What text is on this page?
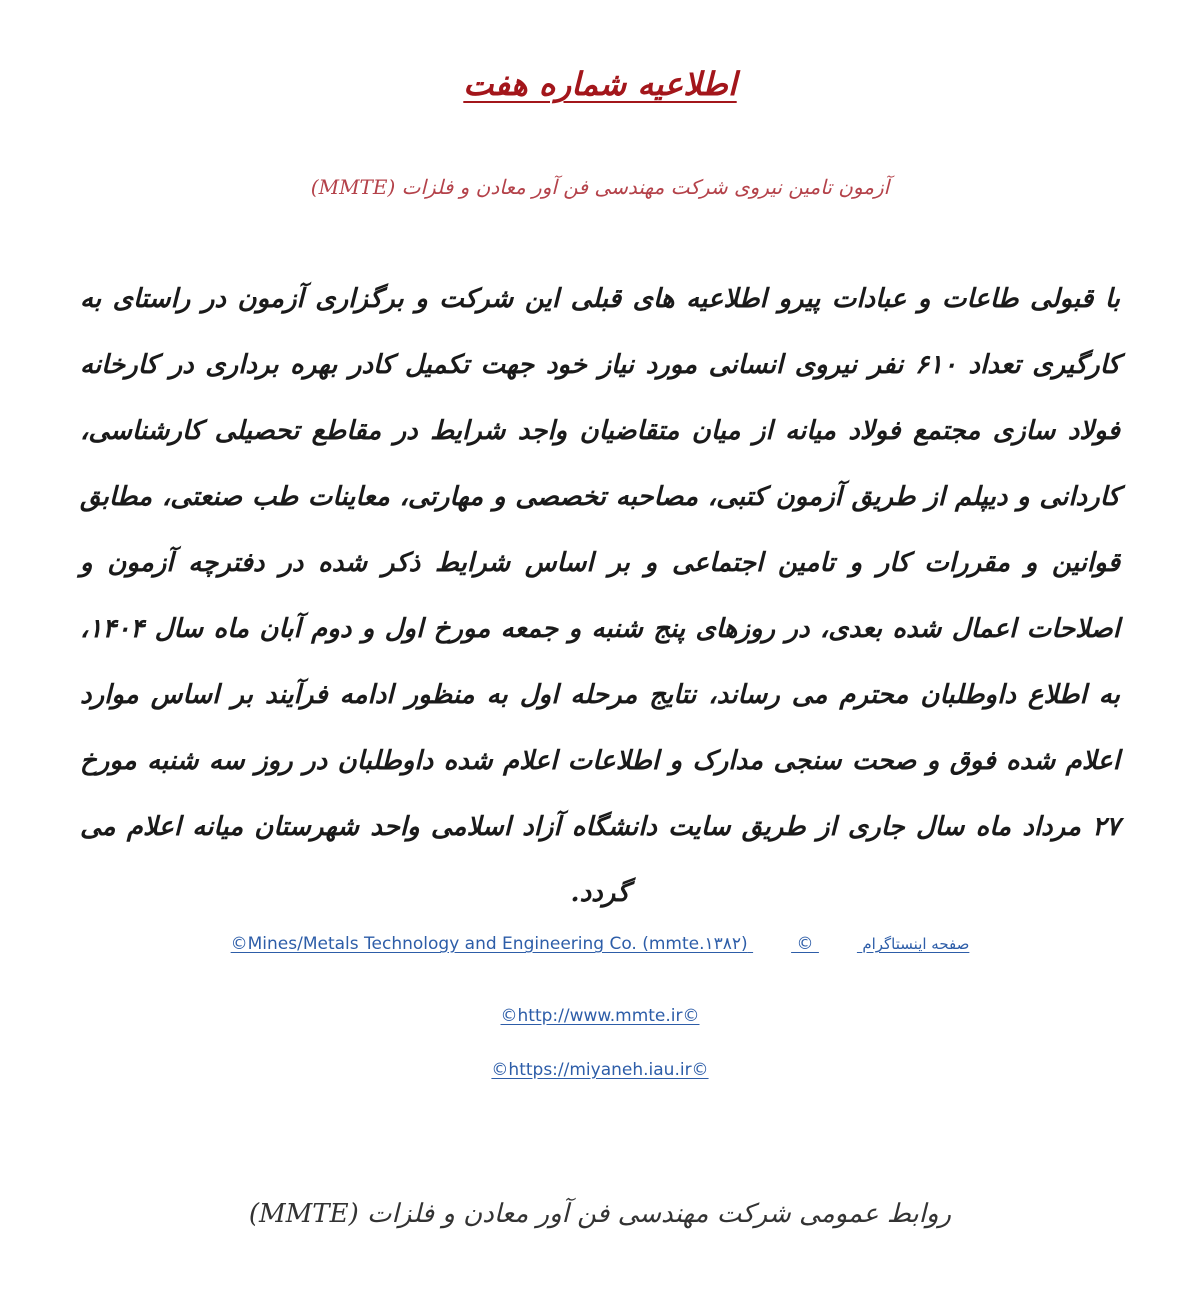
اطلاعیه شماره هفت
آزمون تامین نیروی شرکت مهندسی فن آور معادن و فلزات (MMTE)
با قبولی طاعات و عبادات پیرو اطلاعیه های قبلی این شرکت و برگزاری آزمون در راستای به کارگیری تعداد ۶۱۰ نفر نیروی انسانی مورد نیاز خود جهت تکمیل کادر بهره برداری در کارخانه فولاد سازی مجتمع فولاد میانه از میان متقاضیان واجد شرایط در مقاطع تحصیلی کارشناسی، کاردانی و دیپلم از طریق آزمون کتبی، مصاحبه تخصصی و مهارتی، معاینات طب صنعتی، مطابق قوانین و مقررات کار و تامین اجتماعی و بر اساس شرایط ذکر شده در دفترچه آزمون و اصلاحات اعمال شده بعدی، در روزهای پنج شنبه و جمعه مورخ اول و دوم آبان ماه سال ۱۴۰۴، به اطلاع داوطلبان محترم می رساند، نتایج مرحله اول به منظور ادامه فرآیند بر اساس موارد اعلام شده فوق و صحت سنجی مدارک و اطلاعات اعلام شده داوطلبان در روز سه شنبه مورخ ۲۷ مرداد ماه سال جاری از طریق سایت دانشگاه آزاد اسلامی واحد شهرستان میانه اعلام می گردد.
©Mines/Metals Technology and Engineering Co. (mmte.۱۳۸۲)	©	صفحه اینستاگرام
©http://www.mmte.ir©
©https://miyaneh.iau.ir©
روابط عمومی شرکت مهندسی فن آور معادن و فلزات (MMTE)
